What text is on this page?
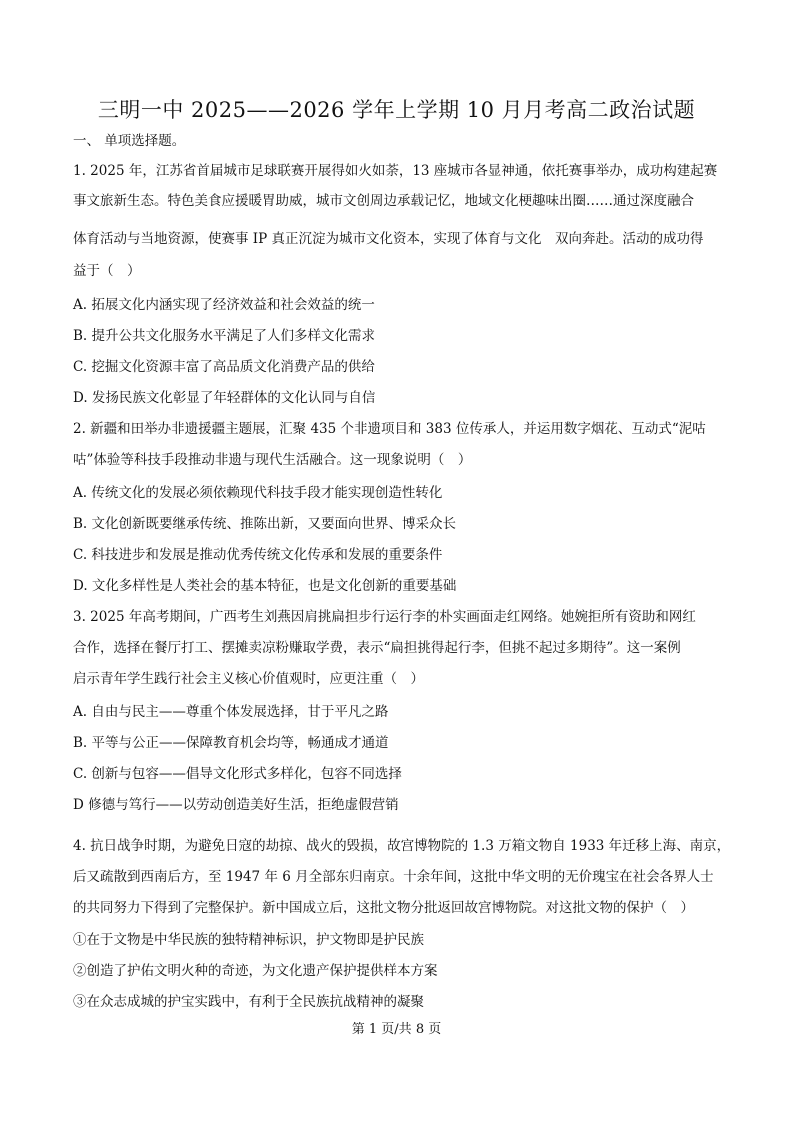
三明一中 2025——2026 学年上学期 10 月月考高二政治试题
一、 单项选择题。
1. 2025 年，江苏省首届城市足球联赛开展得如火如荼，13 座城市各显神通，依托赛事举办，成功构建起赛
事文旅新生态。特色美食应援暖胃助威，城市文创周边承载记忆，地域文化梗趣味出圈……通过深度融合
体育活动与当地资源，使赛事 IP 真正沉淀为城市文化资本，实现了体育与文化　双向奔赴。活动的成功得
益于（　）
A. 拓展文化内涵实现了经济效益和社会效益的统一
B. 提升公共文化服务水平满足了人们多样文化需求
C. 挖掘文化资源丰富了高品质文化消费产品的供给
D. 发扬民族文化彰显了年轻群体的文化认同与自信
2. 新疆和田举办非遗援疆主题展，汇聚 435 个非遗项目和 383 位传承人，并运用数字烟花、互动式“泥咕
咕”体验等科技手段推动非遗与现代生活融合。这一现象说明（　）
A. 传统文化的发展必须依赖现代科技手段才能实现创造性转化
B. 文化创新既要继承传统、推陈出新，又要面向世界、博采众长
C. 科技进步和发展是推动优秀传统文化传承和发展的重要条件
D. 文化多样性是人类社会的基本特征，也是文化创新的重要基础
3. 2025 年高考期间，广西考生刘燕因肩挑扁担步行运行李的朴实画面走红网络。她婉拒所有资助和网红
合作，选择在餐厅打工、摆摊卖凉粉赚取学费，表示“扁担挑得起行李，但挑不起过多期待”。这一案例
启示青年学生践行社会主义核心价值观时，应更注重（　）
A. 自由与民主——尊重个体发展选择，甘于平凡之路
B. 平等与公正——保障教育机会均等，畅通成才通道
C. 创新与包容——倡导文化形式多样化，包容不同选择
D 修德与笃行——以劳动创造美好生活，拒绝虚假营销
4. 抗日战争时期，为避免日寇的劫掠、战火的毁损，故宫博物院的 1.3 万箱文物自 1933 年迁移上海、南京，
后又疏散到西南后方，至 1947 年 6 月全部东归南京。十余年间，这批中华文明的无价瑰宝在社会各界人士
的共同努力下得到了完整保护。新中国成立后，这批文物分批返回故宫博物院。对这批文物的保护（　）
①在于文物是中华民族的独特精神标识，护文物即是护民族
②创造了护佑文明火种的奇迹，为文化遗产保护提供样本方案
③在众志成城的护宝实践中，有利于全民族抗战精神的凝聚
第 1 页/共 8 页
